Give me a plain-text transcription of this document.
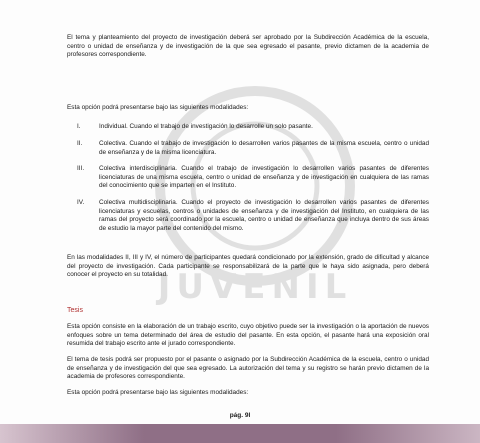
JUVENIL
El tema y planteamiento del proyecto de investigación deberá ser aprobado por la Subdirección Académica de la escuela, centro o unidad de enseñanza y de investigación de la que sea egresado el pasante, previo dictamen de la academia de profesores correspondiente.
Esta opción podrá presentarse bajo las siguientes modalidades:
I.	Individual. Cuando el trabajo de investigación lo desarrolle un solo pasante.
II.	Colectiva. Cuando el trabajo de investigación lo desarrollen varios pasantes de la misma escuela, centro o unidad de enseñanza y de la misma licenciatura.
III. Colectiva interdisciplinaria. Cuando el trabajo de investigación lo desarrollen varios pasantes de diferentes licenciaturas de una misma escuela, centro o unidad de enseñanza y de investigación en cualquiera de las ramas del conocimiento que se imparten en el Instituto.
IV. Colectiva multidisciplinaria. Cuando el proyecto de investigación lo desarrollen varios pasantes de diferentes licenciaturas y escuelas, centros o unidades de enseñanza y de investigación del Instituto, en cualquiera de las ramas del proyecto será coordinado por la escuela, centro o unidad de enseñanza que incluya dentro de sus áreas de estudio la mayor parte del contenido del mismo.
En las modalidades II, III y IV, el número de participantes quedará condicionado por la extensión, grado de dificultad y alcance del proyecto de investigación. Cada participante se responsabilizará de la parte que le haya sido asignada, pero deberá conocer el proyecto en su totalidad.
Tesis
Esta opción consiste en la elaboración de un trabajo escrito, cuyo objetivo puede ser la investigación o la aportación de nuevos enfoques sobre un tema determinado del área de estudio del pasante. En esta opción, el pasante hará una exposición oral resumida del trabajo escrito ante el jurado correspondiente.
El tema de tesis podrá ser propuesto por el pasante o asignado por la Subdirección Académica de la escuela, centro o unidad de enseñanza y de investigación del que sea egresado. La autorización del tema y su registro se harán previo dictamen de la academia de profesores correspondiente.
Esta opción podrá presentarse bajo las siguientes modalidades:
pág. 9l
